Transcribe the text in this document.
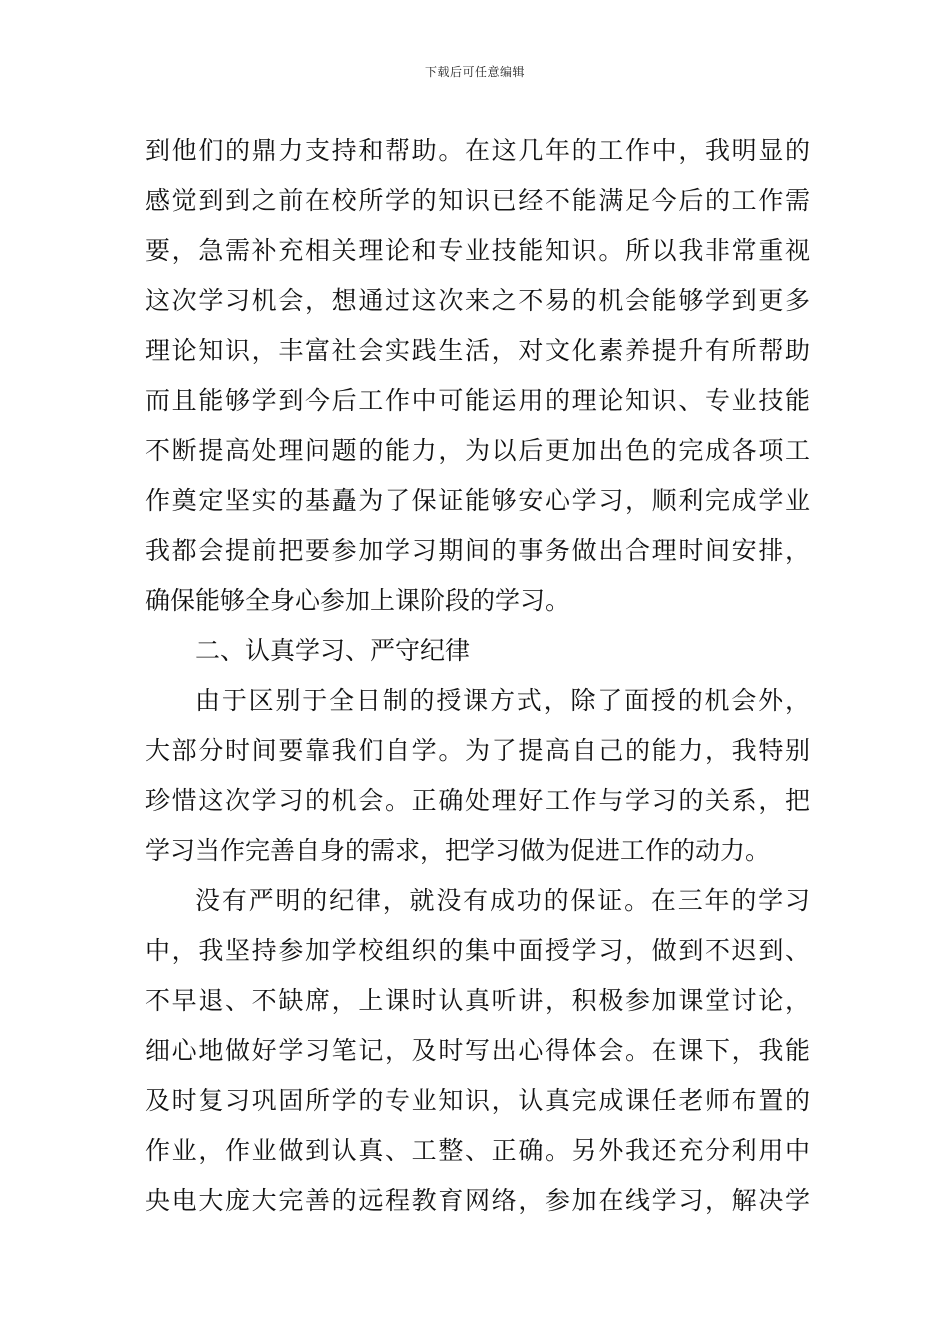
下载后可任意编辑
到他们的鼎力支持和帮助。在这几年的工作中，我明显的
感觉到到之前在校所学的知识已经不能满足今后的工作需
要，急需补充相关理论和专业技能知识。所以我非常重视
这次学习机会，想通过这次来之不易的机会能够学到更多
理论知识，丰富社会实践生活，对文化素养提升有所帮助
而且能够学到今后工作中可能运用的理论知识、专业技能
不断提高处理问题的能力，为以后更加出色的完成各项工
作奠定坚实的基矗为了保证能够安心学习，顺利完成学业
我都会提前把要参加学习期间的事务做出合理时间安排，
确保能够全身心参加上课阶段的学习。
二、认真学习、严守纪律
由于区别于全日制的授课方式，除了面授的机会外，
大部分时间要靠我们自学。为了提高自己的能力，我特别
珍惜这次学习的机会。正确处理好工作与学习的关系，把
学习当作完善自身的需求，把学习做为促进工作的动力。
没有严明的纪律，就没有成功的保证。在三年的学习
中，我坚持参加学校组织的集中面授学习，做到不迟到、
不早退、不缺席，上课时认真听讲，积极参加课堂讨论，
细心地做好学习笔记，及时写出心得体会。在课下，我能
及时复习巩固所学的专业知识，认真完成课任老师布置的
作业，作业做到认真、工整、正确。另外我还充分利用中
央电大庞大完善的远程教育网络，参加在线学习，解决学
